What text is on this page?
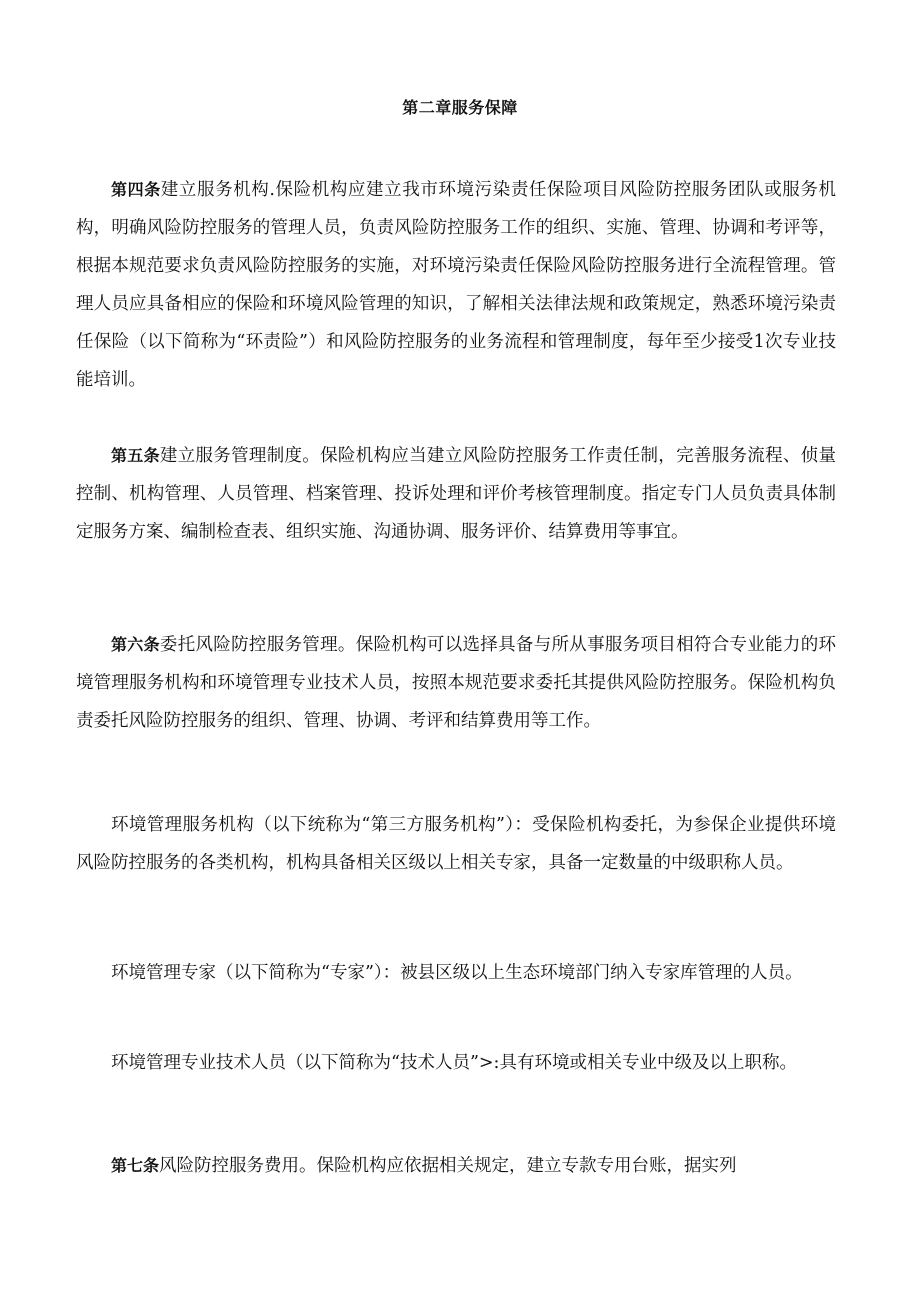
第二章服务保障

第四条建立服务机构.保险机构应建立我市环境污染责任保险项目风险防控服务团队或服务机构，明确风险防控服务的管理人员，负责风险防控服务工作的组织、实施、管理、协调和考评等，根据本规范要求负责风险防控服务的实施，对环境污染责任保险风险防控服务进行全流程管理。管理人员应具备相应的保险和环境风险管理的知识，了解相关法律法规和政策规定，熟悉环境污染责任保险（以下简称为“环责险”）和风险防控服务的业务流程和管理制度，每年至少接受1次专业技能培训。

第五条建立服务管理制度。保险机构应当建立风险防控服务工作责任制，完善服务流程、侦量控制、机构管理、人员管理、档案管理、投诉处理和评价考核管理制度。指定专门人员负责具体制定服务方案、编制检查表、组织实施、沟通协调、服务评价、结算费用等事宜。

第六条委托风险防控服务管理。保险机构可以选择具备与所从事服务项目相符合专业能力的环境管理服务机构和环境管理专业技术人员，按照本规范要求委托其提供风险防控服务。保险机构负责委托风险防控服务的组织、管理、协调、考评和结算费用等工作。

环境管理服务机构（以下统称为“第三方服务机构”）：受保险机构委托，为参保企业提供环境风险防控服务的各类机构，机构具备相关区级以上相关专家，具备一定数量的中级职称人员。

环境管理专家（以下简称为“专家”）：被县区级以上生态环境部门纳入专家库管理的人员。

环境管理专业技术人员（以下简称为“技术人员”>:具有环境或相关专业中级及以上职称。

第七条风险防控服务费用。保险机构应依据相关规定，建立专款专用台账，据实列
